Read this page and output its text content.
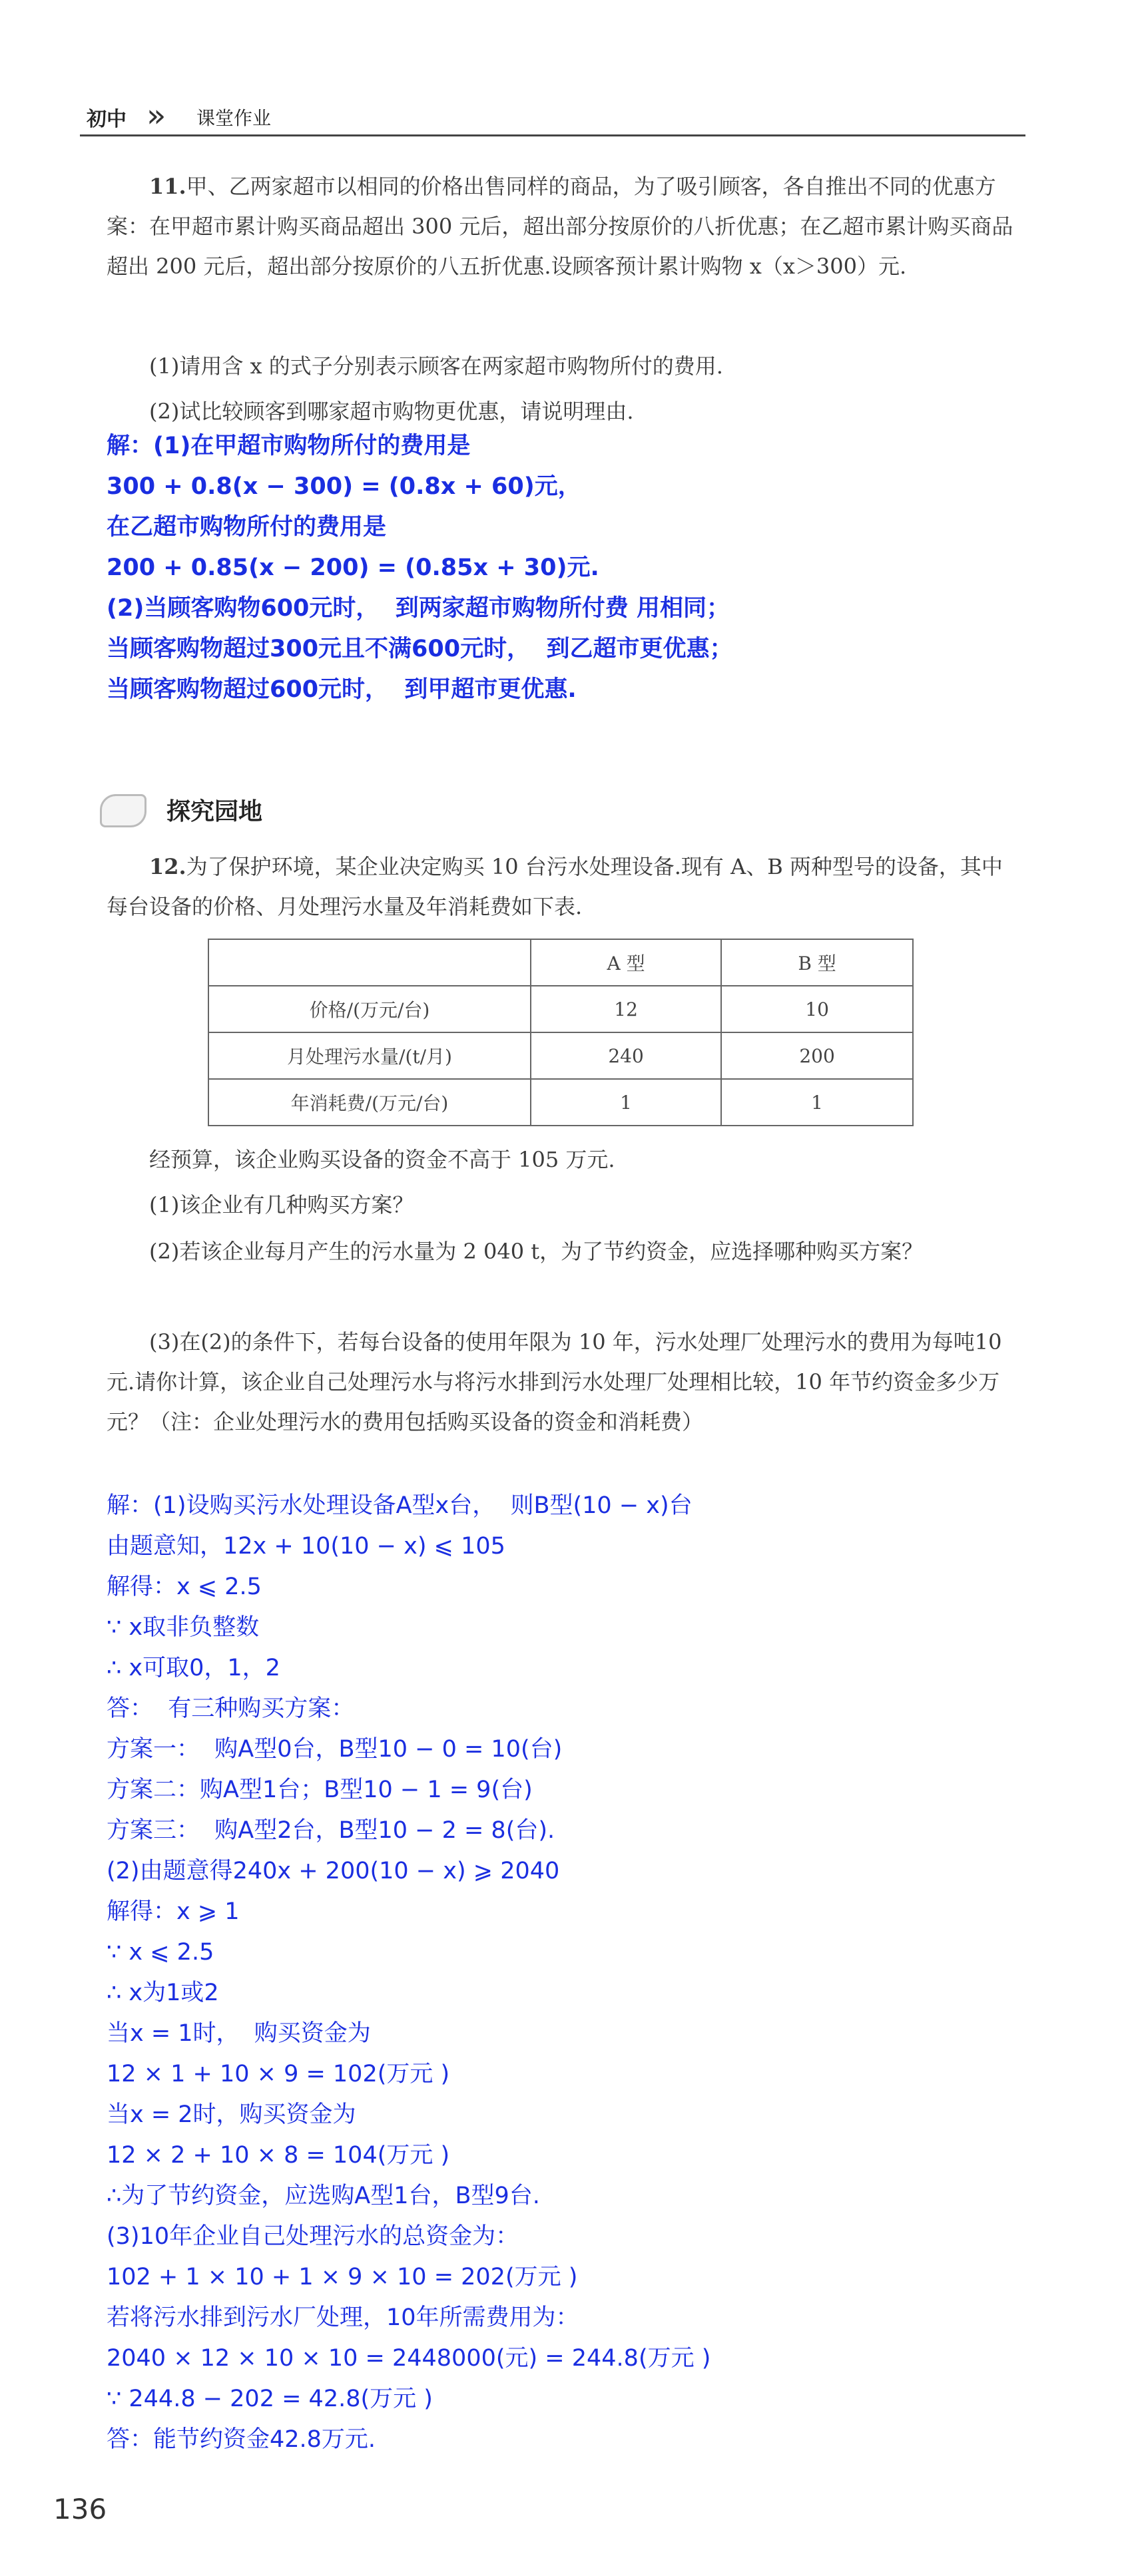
初中 » 课堂作业

11.甲、乙两家超市以相同的价格出售同样的商品，为了吸引顾客，各自推出不同的优惠方案：在甲超市累计购买商品超出 300 元后，超出部分按原价的八折优惠；在乙超市累计购买商品超出 200 元后，超出部分按原价的八五折优惠.设顾客预计累计购物 x（x＞300）元.

(1)请用含 x 的式子分别表示顾客在两家超市购物所付的费用.

(2)试比较顾客到哪家超市购物更优惠，请说明理由.

解：(1)在甲超市购物所付的费用是
300 + 0.8(x − 300) = (0.8x + 60)元，
在乙超市购物所付的费用是
200 + 0.85(x − 200) = (0.85x + 30)元.
(2)当顾客购物600元时，  到两家超市购物所付费 用相同；
当顾客购物超过300元且不满600元时，  到乙超市更优惠；
当顾客购物超过600元时，  到甲超市更优惠.
探究园地

12.为了保护环境，某企业决定购买 10 台污水处理设备.现有 A、B 两种型号的设备，其中每台设备的价格、月处理污水量及年消耗费如下表.

	A 型	B 型
价格/(万元/台)	12	10
月处理污水量/(t/月)	240	200
年消耗费/(万元/台)	1	1

经预算，该企业购买设备的资金不高于 105 万元.

(1)该企业有几种购买方案？

(2)若该企业每月产生的污水量为 2 040 t，为了节约资金，应选择哪种购买方案？

(3)在(2)的条件下，若每台设备的使用年限为 10 年，污水处理厂处理污水的费用为每吨10 元.请你计算，该企业自己处理污水与将污水排到污水处理厂处理相比较，10 年节约资金多少万元？（注：企业处理污水的费用包括购买设备的资金和消耗费）

解：(1)设购买污水处理设备A型x台，  则B型(10 − x)台
由题意知，12x + 10(10 − x) ⩽ 105
解得：x ⩽ 2.5
∵ x取非负整数
∴ x可取0，1，2
答：  有三种购买方案：
方案一：  购A型0台，B型10 − 0 = 10(台)
方案二：购A型1台；B型10 − 1 = 9(台)
方案三：  购A型2台，B型10 − 2 = 8(台).
(2)由题意得240x + 200(10 − x) ⩾ 2040
解得：x ⩾ 1
∵ x ⩽ 2.5
∴ x为1或2
当x = 1时，  购买资金为
12 × 1 + 10 × 9 = 102(万元 )
当x = 2时，购买资金为
12 × 2 + 10 × 8 = 104(万元 )
∴为了节约资金，应选购A型1台，B型9台.
(3)10年企业自己处理污水的总资金为：
102 + 1 × 10 + 1 × 9 × 10 = 202(万元 )
若将污水排到污水厂处理，10年所需费用为：
2040 × 12 × 10 × 10 = 2448000(元) = 244.8(万元 )
∵ 244.8 − 202 = 42.8(万元 )
答：能节约资金42.8万元.
136
